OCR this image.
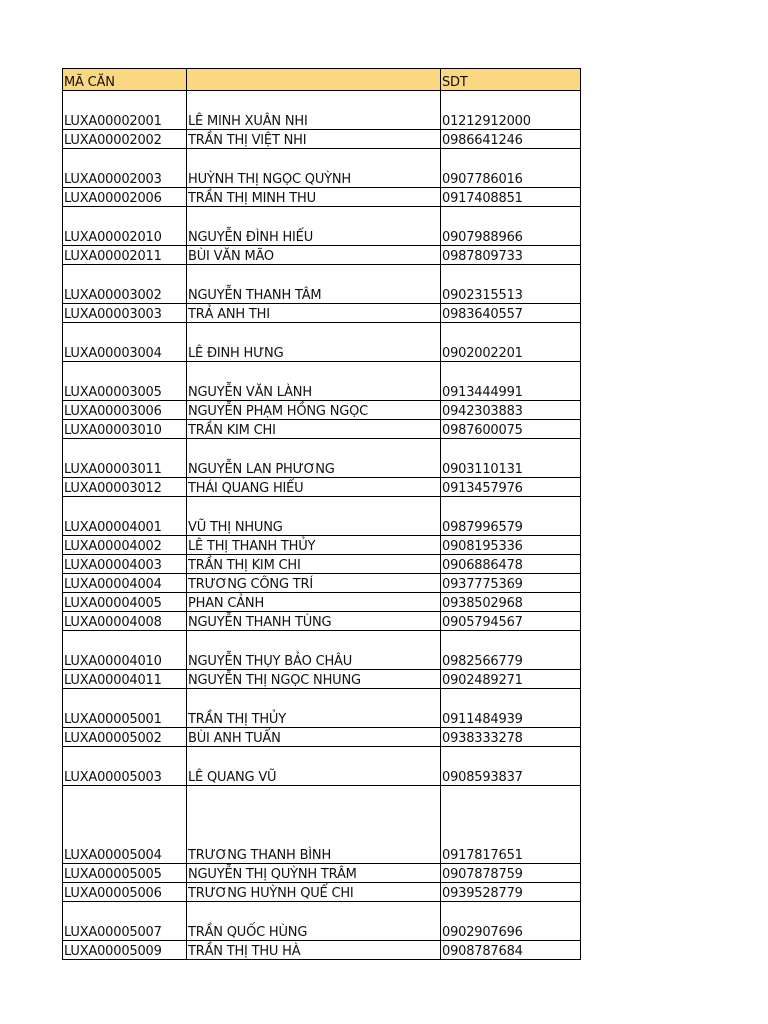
MÃ CĂN		SDT
LUXA00002001	LÊ MINH XUÂN NHI	01212912000
LUXA00002002	TRẦN THỊ VIỆT NHI	0986641246
LUXA00002003	HUỲNH THỊ NGỌC QUỲNH	0907786016
LUXA00002006	TRẦN THỊ MINH THU	0917408851
LUXA00002010	NGUYỄN ĐÌNH HIẾU	0907988966
LUXA00002011	BÙI VĂN MÃO	0987809733
LUXA00003002	NGUYỄN THANH TÂM	0902315513
LUXA00003003	TRẢ ANH THI	0983640557
LUXA00003004	LÊ ĐINH HƯNG	0902002201
LUXA00003005	NGUYỄN VĂN LÀNH	0913444991
LUXA00003006	NGUYỄN PHẠM HỒNG NGỌC	0942303883
LUXA00003010	TRẦN KIM CHI	0987600075
LUXA00003011	NGUYỄN LAN PHƯƠNG	0903110131
LUXA00003012	THÁI QUANG HIẾU	0913457976
LUXA00004001	VŨ THỊ NHUNG	0987996579
LUXA00004002	LÊ THỊ THANH THỦY	0908195336
LUXA00004003	TRẦN THỊ KIM CHI	0906886478
LUXA00004004	TRƯƠNG CÔNG TRÍ	0937775369
LUXA00004005	PHAN CẢNH	0938502968
LUXA00004008	NGUYỄN THANH TÙNG	0905794567
LUXA00004010	NGUYỄN THỤY BẢO CHÂU	0982566779
LUXA00004011	NGUYỄN THỊ NGỌC NHUNG	0902489271
LUXA00005001	TRẦN THỊ THỦY	0911484939
LUXA00005002	BÙI ANH TUẤN	0938333278
LUXA00005003	LÊ QUANG VŨ	0908593837
LUXA00005004	TRƯƠNG THANH BÌNH	0917817651
LUXA00005005	NGUYỄN THỊ QUỲNH TRÂM	0907878759
LUXA00005006	TRƯƠNG HUỲNH QUẾ CHI	0939528779
LUXA00005007	TRẦN QUỐC HÙNG	0902907696
LUXA00005009	TRẦN THỊ THU HÀ	0908787684
